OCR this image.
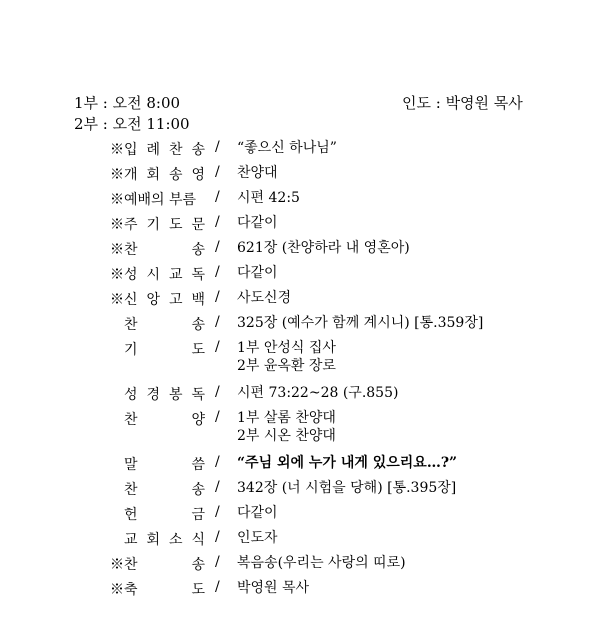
1부 : 오전 8:00
2부 : 오전 11:00
인도 : 박영원 목사
※입 례 찬 송 / “좋으신 하나님”
※개 회 송 영 / 찬양대
※예배의 부름 / 시편 42:5
※주 기 도 문 / 다같이
※찬	송 / 621장 (찬양하라 내 영혼아)
※성 시 교 독 / 다같이
※신 앙 고 백 / 사도신경
찬	송 / 325장 (예수가 함께 계시니) [통.359장]
기	도 / 1부 안성식 집사
2부 윤옥환 장로
성 경 봉 독 / 시편 73:22~28 (구.855)
찬	양 / 1부 살롬 찬양대
2부 시온 찬양대
말	씀 / “주님 외에 누가 내게 있으리요…?”
찬	송 / 342장 (너 시험을 당해) [통.395장]
헌	금 / 다같이
교 회 소 식 / 인도자
※찬	송 / 복음송(우리는 사랑의 띠로)
※축	도 / 박영원 목사
